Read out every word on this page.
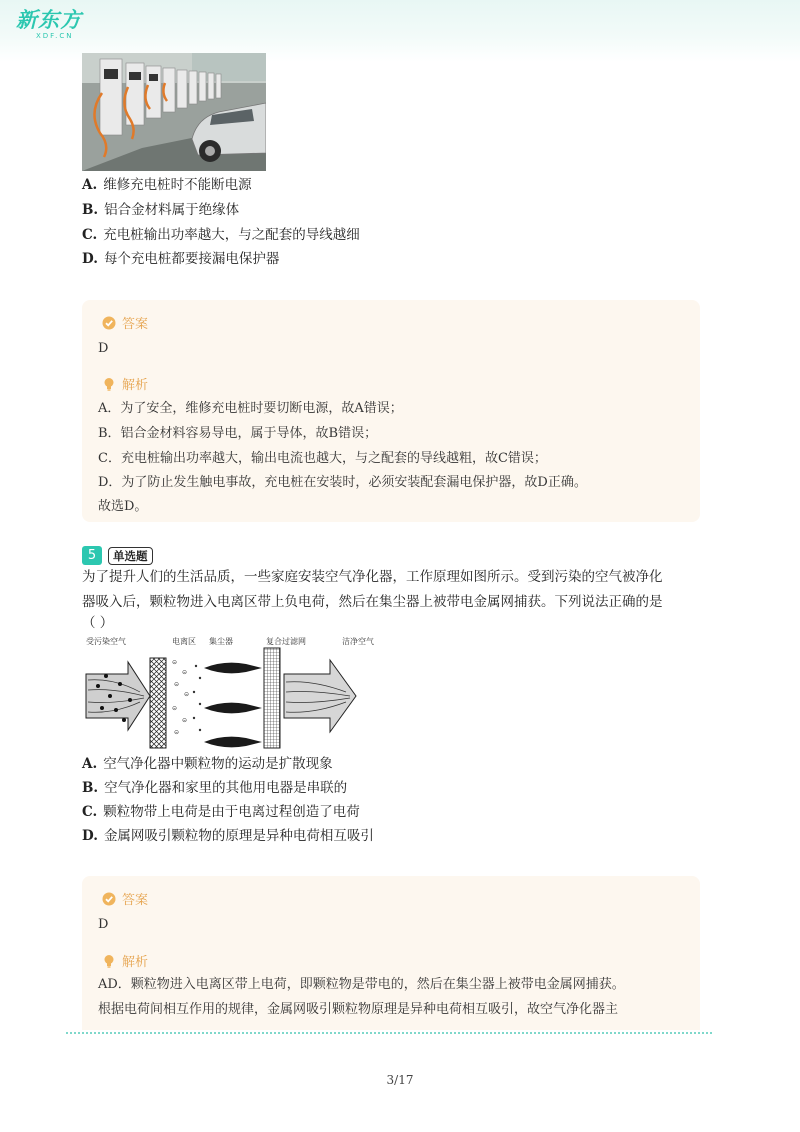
新东方
XDF.CN
A. 维修充电桩时不能断电源
B. 铝合金材料属于绝缘体
C. 充电桩输出功率越大，与之配套的导线越细
D. 每个充电桩都要接漏电保护器
答案
D
解析
A．为了安全，维修充电桩时要切断电源，故A错误；
B．铝合金材料容易导电，属于导体，故B错误；
C．充电桩输出功率越大，输出电流也越大，与之配套的导线越粗，故C错误；
D．为了防止发生触电事故，充电桩在安装时，必须安装配套漏电保护器，故D正确。
故选D。
5	单选题
为了提升人们的生活品质，一些家庭安装空气净化器，工作原理如图所示。受到污染的空气被净化
器吸入后，颗粒物进入电离区带上负电荷，然后在集尘器上被带电金属网捕获。下列说法正确的是
（ ）
受污染空气	电离区 集尘器	复合过滤网	洁净空气
⊝
⊝
⊝
⊝
⊝
⊝
⊝
A. 空气净化器中颗粒物的运动是扩散现象
B. 空气净化器和家里的其他用电器是串联的
C. 颗粒物带上电荷是由于电离过程创造了电荷
D. 金属网吸引颗粒物的原理是异种电荷相互吸引
答案
D
解析
AD．颗粒物进入电离区带上电荷，即颗粒物是带电的，然后在集尘器上被带电金属网捕获。
根据电荷间相互作用的规律，金属网吸引颗粒物原理是异种电荷相互吸引，故空气净化器主
3/17
